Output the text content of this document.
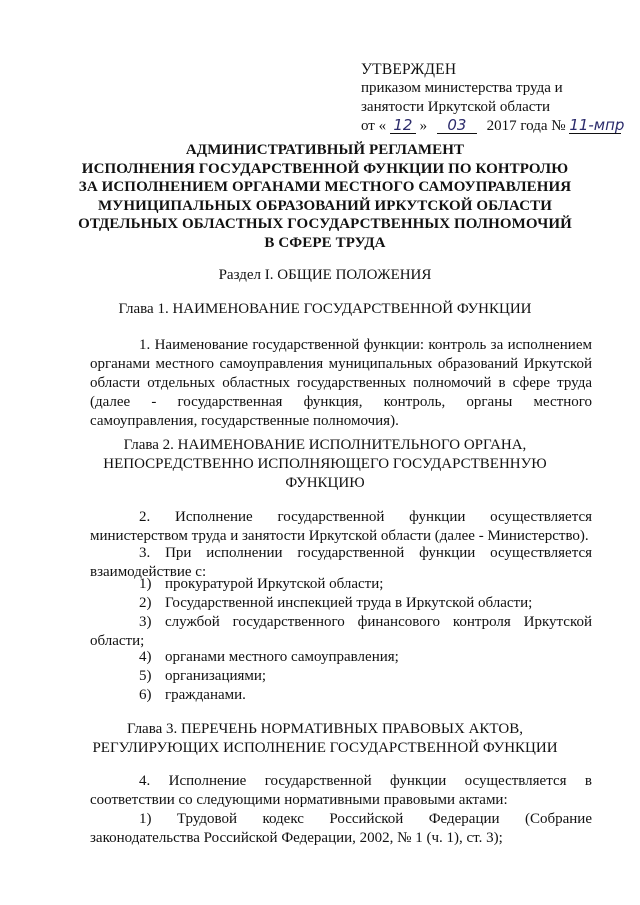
УТВЕРЖДЕН
приказом министерства труда и
занятости Иркутской области
от « 12 » 03 2017 года № 11-мпр
АДМИНИСТРАТИВНЫЙ РЕГЛАМЕНТ
ИСПОЛНЕНИЯ ГОСУДАРСТВЕННОЙ ФУНКЦИИ ПО КОНТРОЛЮ
ЗА ИСПОЛНЕНИЕМ ОРГАНАМИ МЕСТНОГО САМОУПРАВЛЕНИЯ
МУНИЦИПАЛЬНЫХ ОБРАЗОВАНИЙ ИРКУТСКОЙ ОБЛАСТИ
ОТДЕЛЬНЫХ ОБЛАСТНЫХ ГОСУДАРСТВЕННЫХ ПОЛНОМОЧИЙ
В СФЕРЕ ТРУДА
Раздел I. ОБЩИЕ ПОЛОЖЕНИЯ
Глава 1. НАИМЕНОВАНИЕ ГОСУДАРСТВЕННОЙ ФУНКЦИИ
1. Наименование государственной функции: контроль за исполнением органами местного самоуправления муниципальных образований Иркутской области отдельных областных государственных полномочий в сфере труда (далее - государственная функция, контроль, органы местного самоуправления, государственные полномочия).
Глава 2. НАИМЕНОВАНИЕ ИСПОЛНИТЕЛЬНОГО ОРГАНА,
НЕПОСРЕДСТВЕННО ИСПОЛНЯЮЩЕГО ГОСУДАРСТВЕННУЮ
ФУНКЦИЮ
2. Исполнение государственной функции осуществляется министерством труда и занятости Иркутской области (далее - Министерство).
3. При исполнении государственной функции осуществляется взаимодействие с:
1) прокуратурой Иркутской области;
2) Государственной инспекцией труда в Иркутской области;
3) службой государственного финансового контроля Иркутской области;
4) органами местного самоуправления;
5) организациями;
6) гражданами.
Глава 3. ПЕРЕЧЕНЬ НОРМАТИВНЫХ ПРАВОВЫХ АКТОВ,
РЕГУЛИРУЮЩИХ ИСПОЛНЕНИЕ ГОСУДАРСТВЕННОЙ ФУНКЦИИ
4. Исполнение государственной функции осуществляется в соответствии со следующими нормативными правовыми актами:
1) Трудовой кодекс Российской Федерации (Собрание законодательства Российской Федерации, 2002, № 1 (ч. 1), ст. 3);
